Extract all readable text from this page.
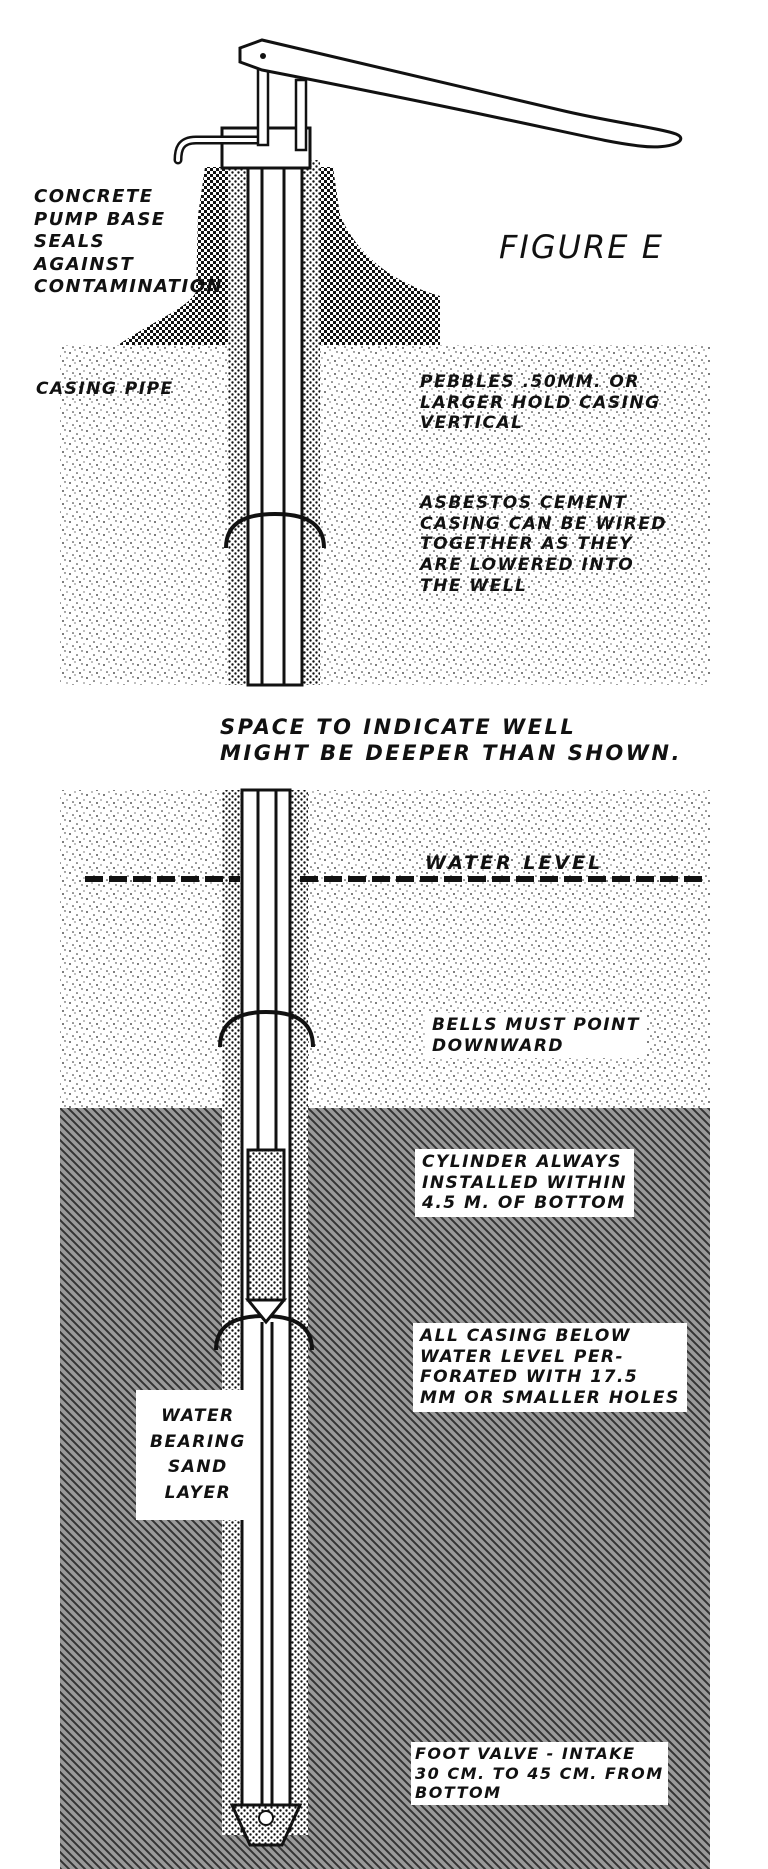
CONCRETE
PUMP BASE
SEALS
AGAINST
CONTAMINATION
FIGURE E
CASING PIPE	PEBBLES .50MM. OR
LARGER HOLD CASING
VERTICAL
ASBESTOS CEMENT
CASING CAN BE WIRED
TOGETHER AS THEY
ARE LOWERED INTO
THE WELL
SPACE TO INDICATE WELL
MIGHT BE DEEPER THAN SHOWN.
WATER LEVEL
BELLS MUST POINT
DOWNWARD
CYLINDER ALWAYS
INSTALLED WITHIN
4.5 M. OF BOTTOM
ALL CASING BELOW
WATER LEVEL PER-
FORATED WITH 17.5
MM OR SMALLER HOLES
WATER
BEARING
SAND
LAYER
FOOT VALVE - INTAKE
30 CM. TO 45 CM. FROM
BOTTOM
